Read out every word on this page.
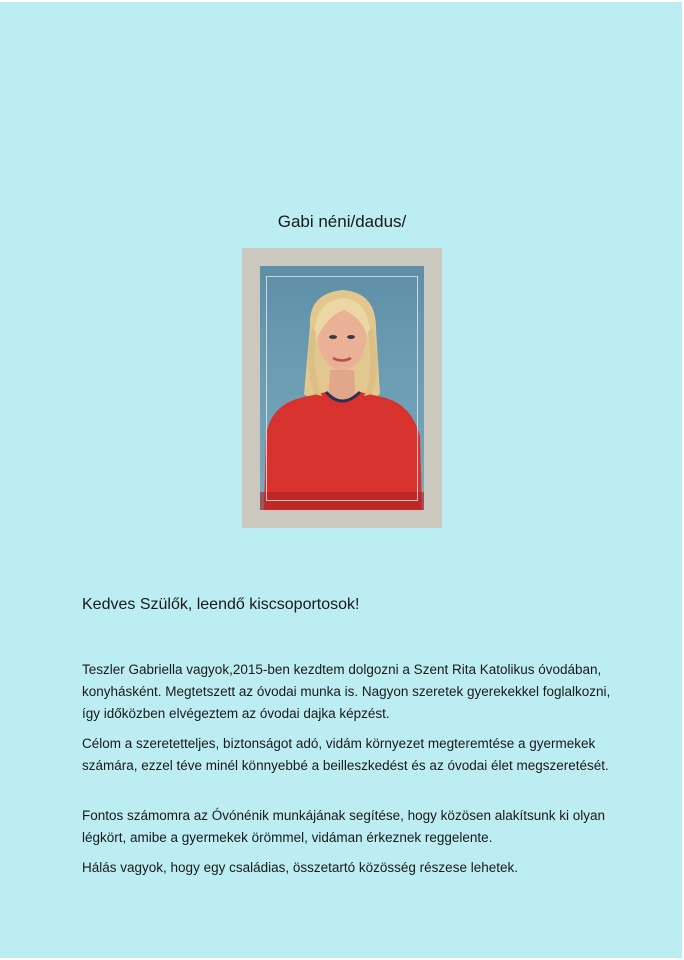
Gabi néni/dadus/
Kedves Szülők, leendő kiscsoportosok!
Teszler Gabriella vagyok,2015-ben kezdtem dolgozni a Szent Rita Katolikus óvodában, konyhásként. Megtetszett az óvodai munka is. Nagyon szeretek gyerekekkel foglalkozni, így időközben elvégeztem az óvodai dajka képzést.
Célom a szeretetteljes, biztonságot adó, vidám környezet megteremtése a gyermekek számára, ezzel téve minél könnyebbé a beilleszkedést és az óvodai élet megszeretését.
Fontos számomra az Óvónénik munkájának segítése, hogy közösen alakítsunk ki olyan légkört, amibe a gyermekek örömmel, vidáman érkeznek reggelente.
Hálás vagyok, hogy egy családias, összetartó közösség részese lehetek.
